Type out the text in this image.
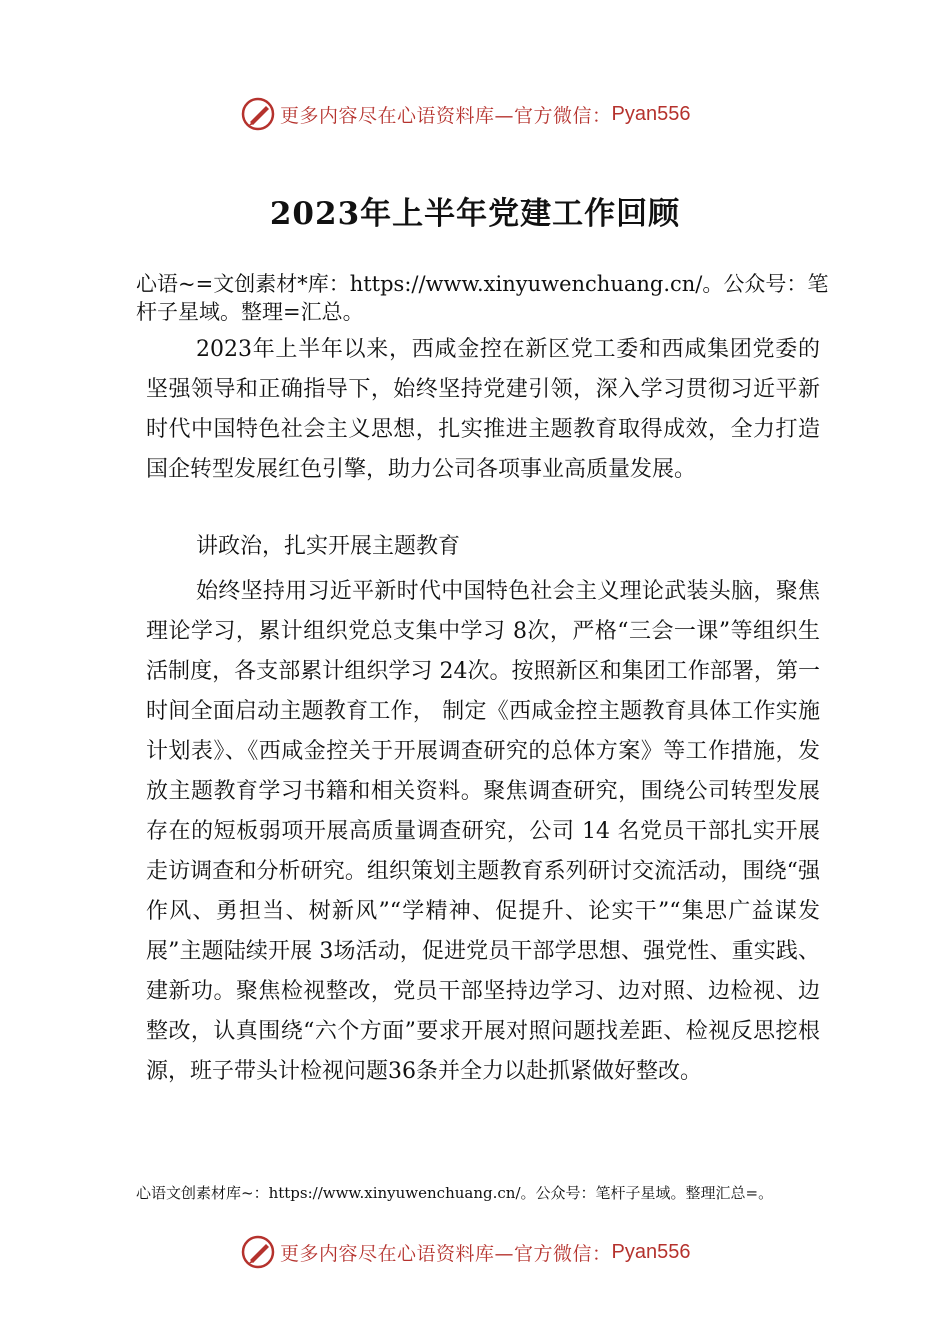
更多内容尽在心语资料库—官方微信： Pyan556
2023年上半年党建工作回顾

心语~=文创素材*库：https://www.xinyuwenchuang.cn/。公众号：笔杆子星域。整理=汇总。

2023年上半年以来，西咸金控在新区党工委和西咸集团党委的坚强领导和正确指导下，始终坚持党建引领，深入学习贯彻习近平新时代中国特色社会主义思想，扎实推进主题教育取得成效，全力打造国企转型发展红色引擎，助力公司各项事业高质量发展。

讲政治，扎实开展主题教育

始终坚持用习近平新时代中国特色社会主义理论武装头脑，聚焦理论学习，累计组织党总支集中学习 8次，严格“三会一课”等组织生活制度，各支部累计组织学习 24次。按照新区和集团工作部署，第一时间全面启动主题教育工作， 制定《西咸金控主题教育具体工作实施计划表》、《西咸金控关于开展调查研究的总体方案》等工作措施，发放主题教育学习书籍和相关资料。聚焦调查研究，围绕公司转型发展存在的短板弱项开展高质量调查研究，公司 14 名党员干部扎实开展走访调查和分析研究。组织策划主题教育系列研讨交流活动，围绕“强作风、勇担当、树新风”“学精神、促提升、论实干”“集思广益谋发展”主题陆续开展 3场活动，促进党员干部学思想、强党性、重实践、建新功。聚焦检视整改，党员干部坚持边学习、边对照、边检视、边整改，认真围绕“六个方面”要求开展对照问题找差距、检视反思挖根源，班子带头计检视问题36条并全力以赴抓紧做好整改。

心语文创素材库~：https://www.xinyuwenchuang.cn/。公众号：笔杆子星域。整理汇总=。

更多内容尽在心语资料库—官方微信： Pyan556
